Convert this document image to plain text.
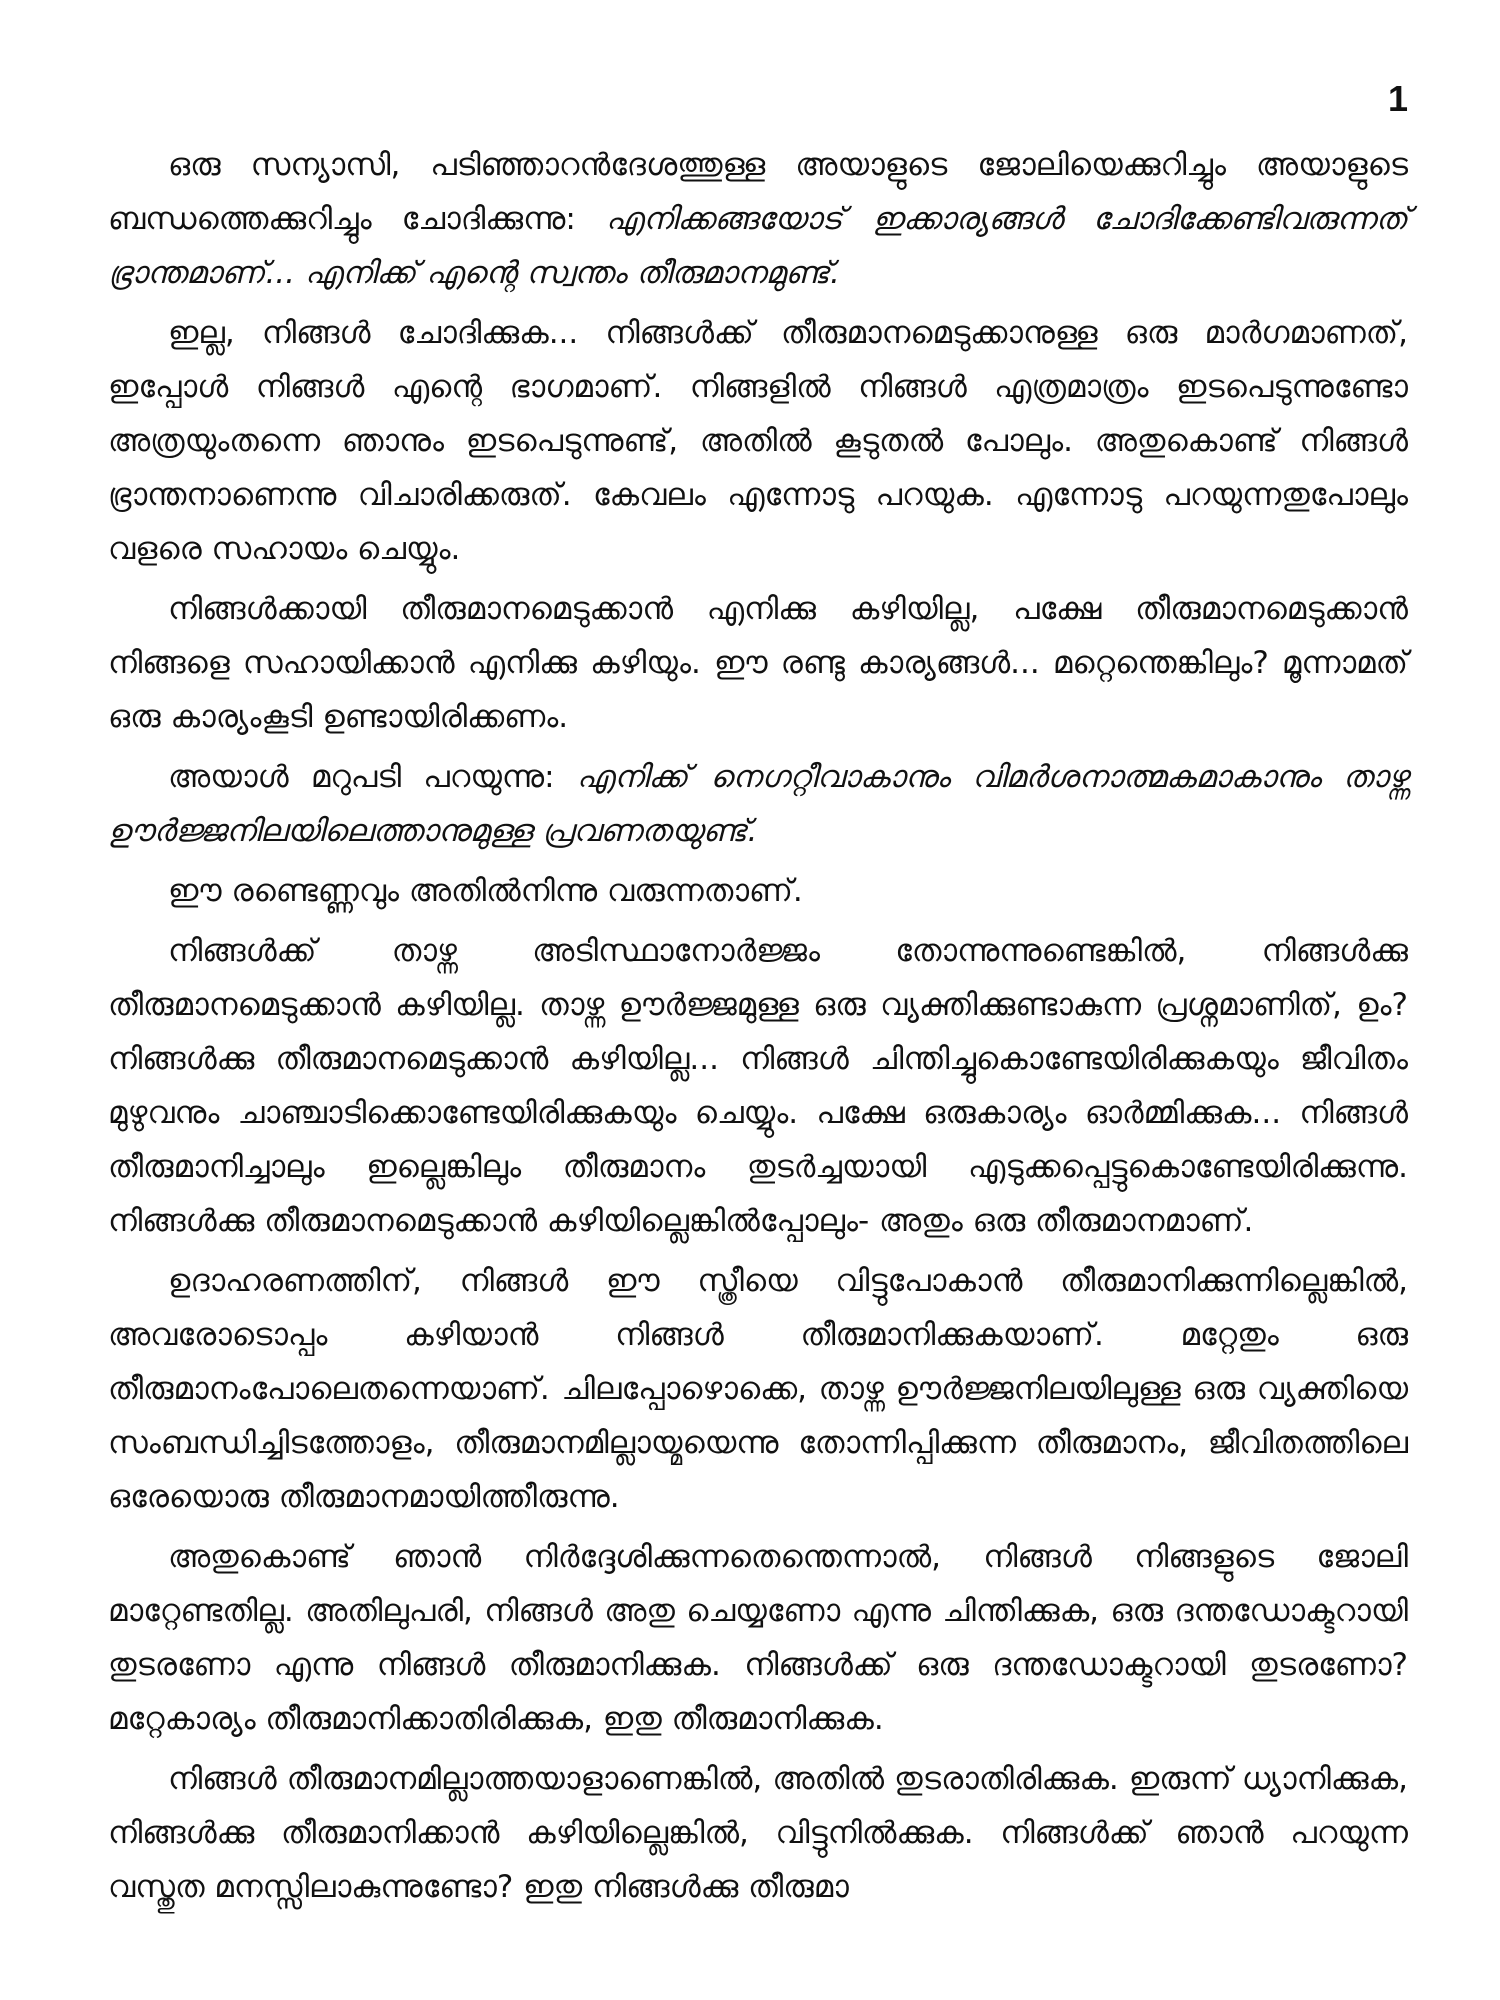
1

ഒരു സന്യാസി, പടിഞ്ഞാറൻദേശത്തുള്ള അയാളുടെ ജോലിയെക്കുറിച്ചും അയാളുടെ ബന്ധത്തെക്കുറിച്ചും ചോദിക്കുന്നു: എനിക്കങ്ങയോട് ഇക്കാര്യങ്ങൾ ചോദിക്കേണ്ടിവരുന്നത് ഭ്രാന്തമാണ്... എനിക്ക് എന്റെ സ്വന്തം തീരുമാനമുണ്ട്.

ഇല്ല, നിങ്ങൾ ചോദിക്കുക... നിങ്ങൾക്ക് തീരുമാനമെടുക്കാനുള്ള ഒരു മാർഗമാണത്, ഇപ്പോൾ നിങ്ങൾ എന്റെ ഭാഗമാണ്. നിങ്ങളിൽ നിങ്ങൾ എത്രമാത്രം ഇടപെടുന്നുണ്ടോ അത്രയുംതന്നെ ഞാനും ഇടപെടുന്നുണ്ട്, അതിൽ കൂടുതൽ പോലും. അതുകൊണ്ട് നിങ്ങൾ ഭ്രാന്തനാണെന്നു വിചാരിക്കരുത്. കേവലം എന്നോടു പറയുക. എന്നോടു പറയുന്നതുപോലും വളരെ സഹായം ചെയ്യും.

നിങ്ങൾക്കായി തീരുമാനമെടുക്കാൻ എനിക്കു കഴിയില്ല, പക്ഷേ തീരുമാനമെടുക്കാൻ നിങ്ങളെ സഹായിക്കാൻ എനിക്കു കഴിയും. ഈ രണ്ടു കാര്യങ്ങൾ... മറ്റെന്തെങ്കിലും? മൂന്നാമത് ഒരു കാര്യംകൂടി ഉണ്ടായിരിക്കണം.

അയാൾ മറുപടി പറയുന്നു: എനിക്ക് നെഗറ്റീവാകാനും വിമർശനാത്മകമാകാനും താഴ്ന്ന ഊർജ്ജനിലയിലെത്താനുമുള്ള പ്രവണതയുണ്ട്.

ഈ രണ്ടെണ്ണവും അതിൽനിന്നു വരുന്നതാണ്.

നിങ്ങൾക്ക് താഴ്ന്ന അടിസ്ഥാനോർജ്ജം തോന്നുന്നുണ്ടെങ്കിൽ, നിങ്ങൾക്കു തീരുമാനമെടുക്കാൻ കഴിയില്ല. താഴ്ന്ന ഊർജ്ജമുള്ള ഒരു വ്യക്തിക്കുണ്ടാകുന്ന പ്രശ്നമാണിത്, ഉം? നിങ്ങൾക്കു തീരുമാനമെടുക്കാൻ കഴിയില്ല... നിങ്ങൾ ചിന്തിച്ചുകൊണ്ടേയിരിക്കുകയും ജീവിതം മുഴുവനും ചാഞ്ചാടിക്കൊണ്ടേയിരിക്കുകയും ചെയ്യും. പക്ഷേ ഒരുകാര്യം ഓർമ്മിക്കുക... നിങ്ങൾ തീരുമാനിച്ചാലും ഇല്ലെങ്കിലും തീരുമാനം തുടർച്ചയായി എടുക്കപ്പെട്ടുകൊണ്ടേയിരിക്കുന്നു. നിങ്ങൾക്കു തീരുമാനമെടുക്കാൻ കഴിയില്ലെങ്കിൽപ്പോലും- അതും ഒരു തീരുമാനമാണ്.

ഉദാഹരണത്തിന്, നിങ്ങൾ ഈ സ്ത്രീയെ വിട്ടുപോകാൻ തീരുമാനിക്കുന്നില്ലെങ്കിൽ, അവരോടൊപ്പം കഴിയാൻ നിങ്ങൾ തീരുമാനിക്കുകയാണ്. മറ്റേതും ഒരു തീരുമാനംപോലെതന്നെയാണ്. ചിലപ്പോഴൊക്കെ, താഴ്ന്ന ഊർജ്ജനിലയിലുള്ള ഒരു വ്യക്തിയെ സംബന്ധിച്ചിടത്തോളം, തീരുമാനമില്ലായ്മയെന്നു തോന്നിപ്പിക്കുന്ന തീരുമാനം, ജീവിതത്തിലെ ഒരേയൊരു തീരുമാനമായിത്തീരുന്നു.

അതുകൊണ്ട് ഞാൻ നിർദ്ദേശിക്കുന്നതെന്തെന്നാൽ, നിങ്ങൾ നിങ്ങളുടെ ജോലി മാറ്റേണ്ടതില്ല. അതിലുപരി, നിങ്ങൾ അതു ചെയ്യണോ എന്നു ചിന്തിക്കുക, ഒരു ദന്തഡോക്ടറായി തുടരണോ എന്നു നിങ്ങൾ തീരുമാനിക്കുക. നിങ്ങൾക്ക് ഒരു ദന്തഡോക്ടറായി തുടരണോ? മറ്റേകാര്യം തീരുമാനിക്കാതിരിക്കുക, ഇതു തീരുമാനിക്കുക.

നിങ്ങൾ തീരുമാനമില്ലാത്തയാളാണെങ്കിൽ, അതിൽ തുടരാതിരിക്കുക. ഇരുന്ന് ധ്യാനിക്കുക, നിങ്ങൾക്കു തീരുമാനിക്കാൻ കഴിയില്ലെങ്കിൽ, വിട്ടുനിൽക്കുക. നിങ്ങൾക്ക് ഞാൻ പറയുന്ന വസ്തുത മനസ്സിലാകുന്നുണ്ടോ? ഇതു നിങ്ങൾക്കു തീരുമാ
